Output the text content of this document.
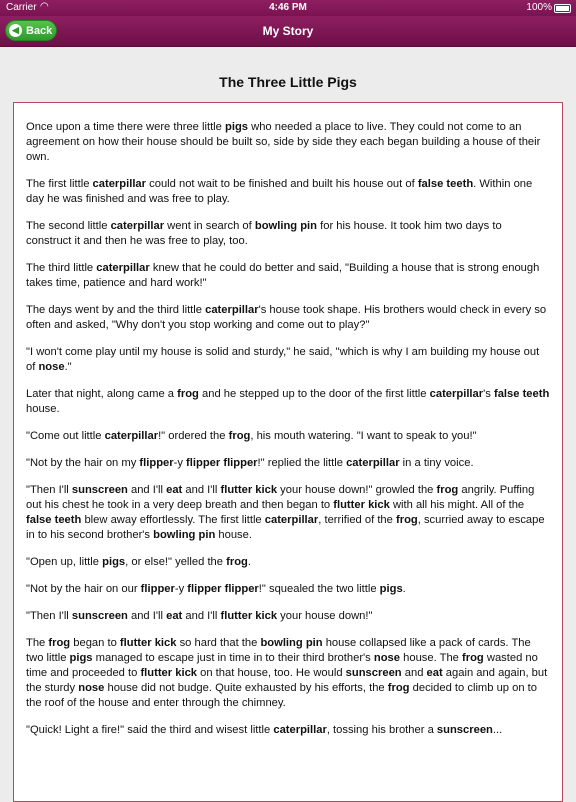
Carrier ◠	4:46 PM	100%
◀ Back	My Story
The Three Little Pigs

Once upon a time there were three little pigs who needed a place to live. They could not come to an agreement on how their house should be built so, side by side they each began building a house of their own.

The first little caterpillar could not wait to be finished and built his house out of false teeth. Within one day he was finished and was free to play.

The second little caterpillar went in search of bowling pin for his house. It took him two days to construct it and then he was free to play, too.

The third little caterpillar knew that he could do better and said, "Building a house that is strong enough takes time, patience and hard work!"

The days went by and the third little caterpillar's house took shape. His brothers would check in every so often and asked, "Why don't you stop working and come out to play?"

"I won't come play until my house is solid and sturdy," he said, "which is why I am building my house out of nose."

Later that night, along came a frog and he stepped up to the door of the first little caterpillar's false teeth house.

"Come out little caterpillar!" ordered the frog, his mouth watering. "I want to speak to you!"

"Not by the hair on my flipper-y flipper flipper!" replied the little caterpillar in a tiny voice.

"Then I'll sunscreen and I'll eat and I'll flutter kick your house down!" growled the frog angrily. Puffing out his chest he took in a very deep breath and then began to flutter kick with all his might. All of the false teeth blew away effortlessly. The first little caterpillar, terrified of the frog, scurried away to escape in to his second brother's bowling pin house.

"Open up, little pigs, or else!" yelled the frog.

"Not by the hair on our flipper-y flipper flipper!" squealed the two little pigs.

"Then I'll sunscreen and I'll eat and I'll flutter kick your house down!"

The frog began to flutter kick so hard that the bowling pin house collapsed like a pack of cards. The two little pigs managed to escape just in time in to their third brother's nose house. The frog wasted no time and proceeded to flutter kick on that house, too. He would sunscreen and eat again and again, but the sturdy nose house did not budge. Quite exhausted by his efforts, the frog decided to climb up on to the roof of the house and enter through the chimney.

"Quick! Light a fire!" said the third and wisest little caterpillar, tossing his brother a sunscreen...
